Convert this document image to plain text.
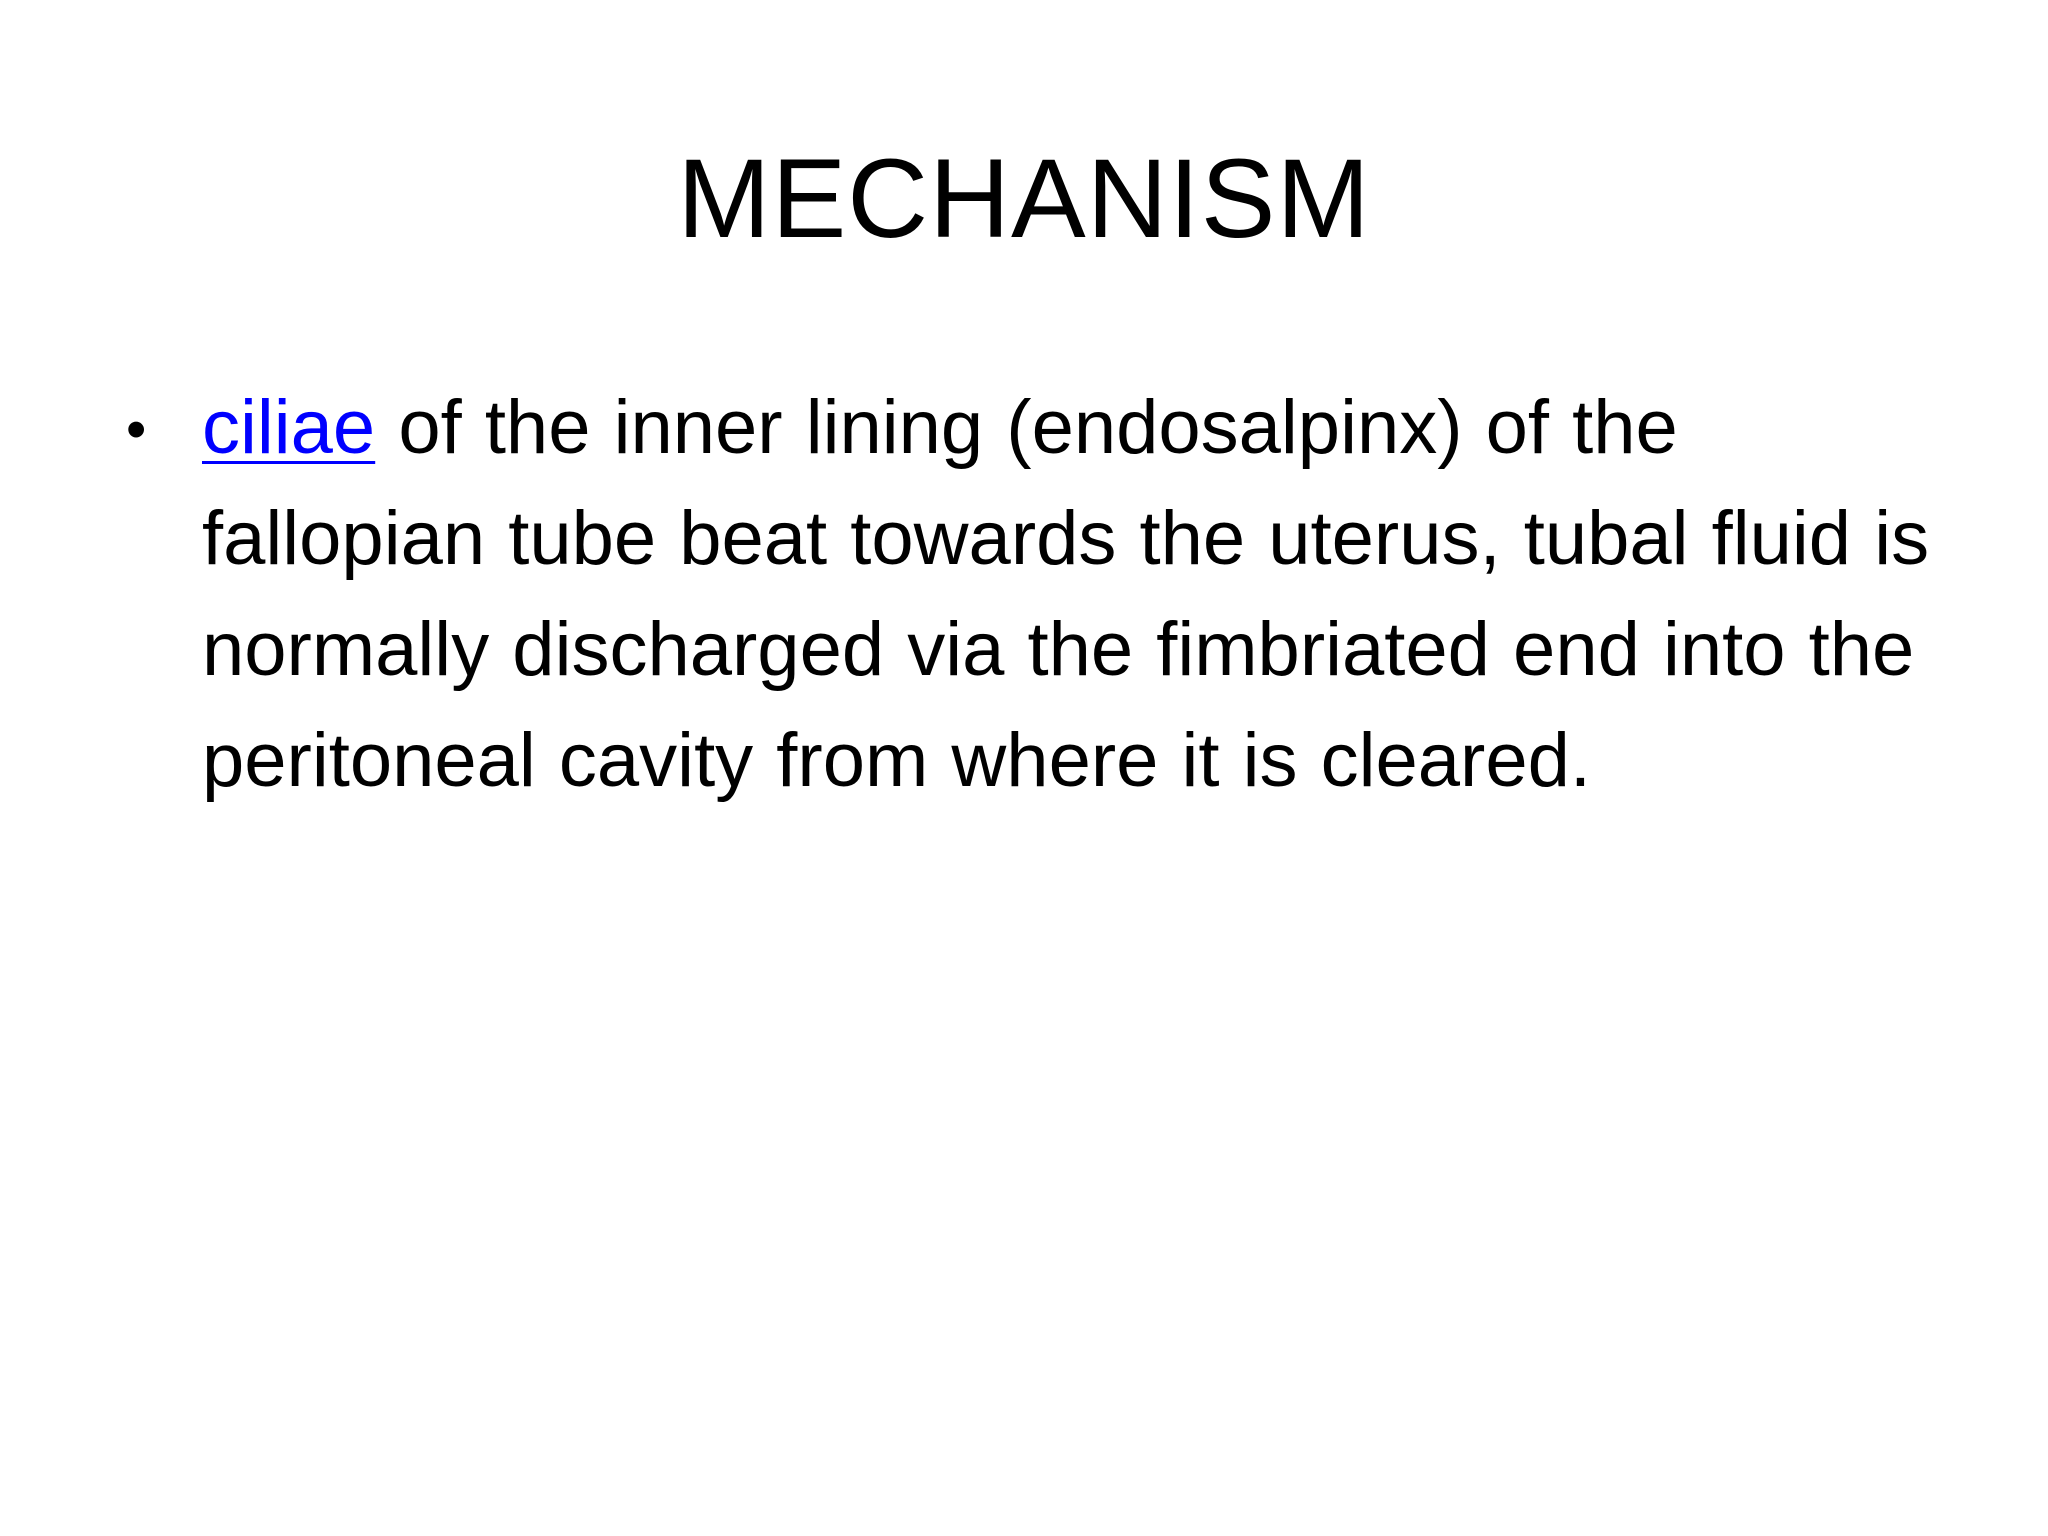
MECHANISM
• ciliae of the inner lining (endosalpinx) of the fallopian tube beat towards the uterus, tubal fluid is normally discharged via the fimbriated end into the peritoneal cavity from where it is cleared.
